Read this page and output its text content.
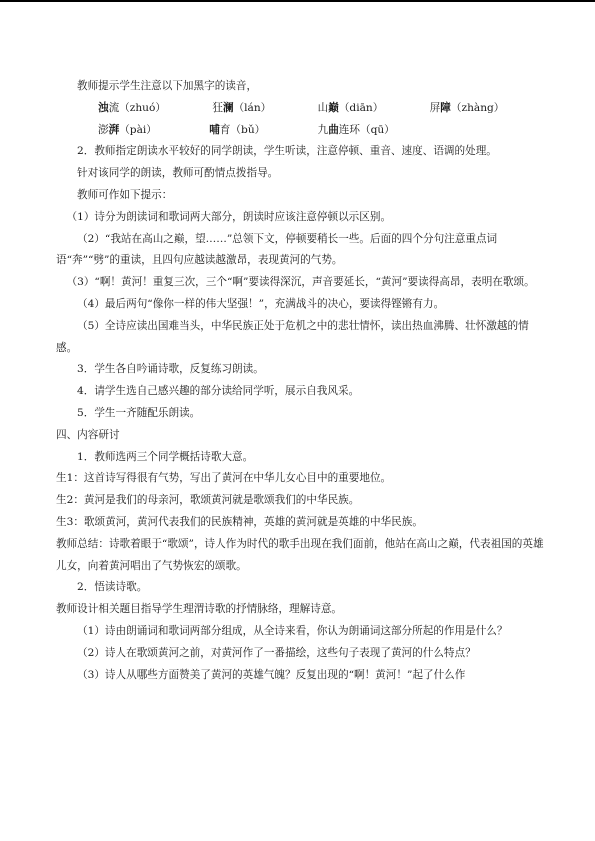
教师提示学生注意以下加黑字的读音，

浊流（zhuó）	狂澜（lán）	山巅（diān）	屏障（zhàng）

澎湃（pài）	哺育（bǔ）	九曲连环（qū）

2．教师指定朗读水平较好的同学朗读，学生听读，注意停顿、重音、速度、语调的处理。

针对该同学的朗读，教师可酌情点拨指导。

教师可作如下提示：

（1）诗分为朗读词和歌词两大部分，朗读时应该注意停顿以示区别。

（2）“我站在高山之巅，望……”总领下文，停顿要稍长一些。后面的四个分句注意重点词语“奔”“劈”的重读，且四句应越读越激昂，表现黄河的气势。

（3）“啊！黄河！重复三次，三个“啊”要读得深沉，声音要延长，“黄河”要读得高昂，表明在歌颂。

（4）最后两句“像你一样的伟大坚强！”，充满战斗的决心，要读得铿锵有力。

（5）全诗应读出国难当头，中华民族正处于危机之中的悲壮情怀，读出热血沸腾、壮怀激越的情感。

3．学生各自吟诵诗歌，反复练习朗读。

4．请学生选自己感兴趣的部分读给同学听，展示自我风采。

5．学生一齐随配乐朗读。

四、内容研讨

1．教师选两三个同学概括诗歌大意。

生1：这首诗写得很有气势，写出了黄河在中华儿女心目中的重要地位。

生2：黄河是我们的母亲河，歌颂黄河就是歌颂我们的中华民族。

生3：歌颂黄河，黄河代表我们的民族精神，英雄的黄河就是英雄的中华民族。

教师总结：诗歌着眼于“歌颂”，诗人作为时代的歌手出现在我们面前，他站在高山之巅，代表祖国的英雄儿女，向着黄河唱出了气势恢宏的颂歌。

2．悟读诗歌。

教师设计相关题目指导学生理渭诗歌的抒情脉络，理解诗意。

（1）诗由朗诵词和歌词两部分组成，从全诗来看，你认为朗诵词这部分所起的作用是什么？

（2）诗人在歌颂黄河之前，对黄河作了一番描绘，这些句子表现了黄河的什么特点？

（3）诗人从哪些方面赞美了黄河的英雄气魄？反复出现的“啊！黄河！”起了什么作
